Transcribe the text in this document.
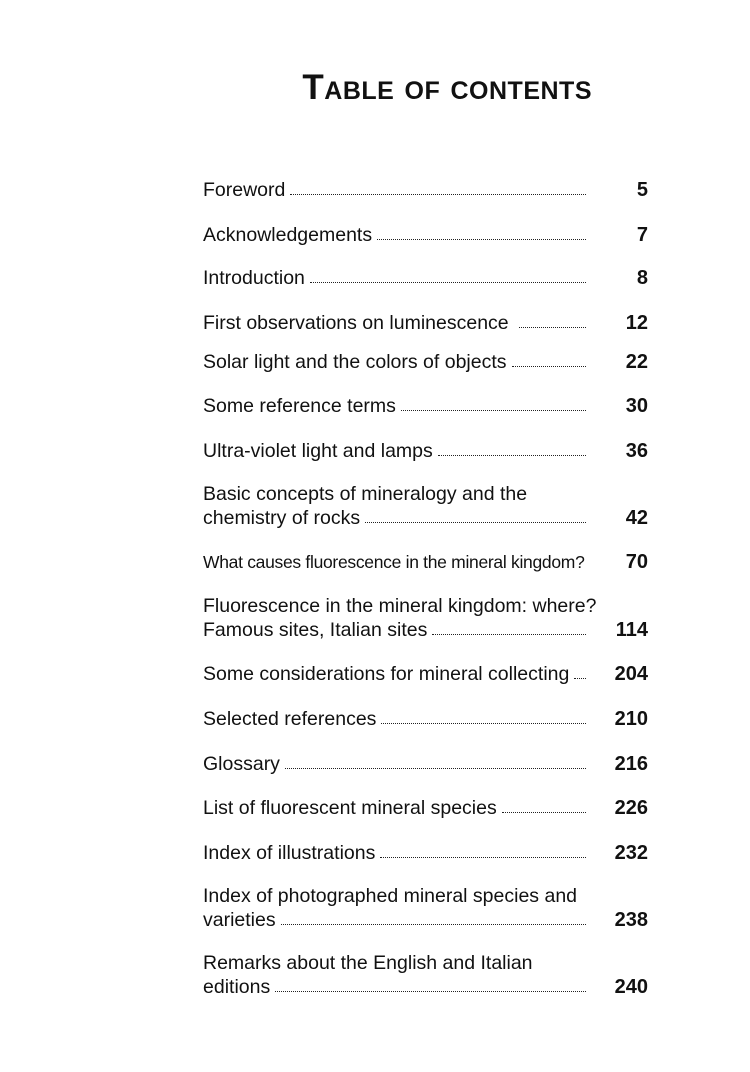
Table of contents
Foreword	5
Acknowledgements	7
Introduction	8
First observations on luminescence	12
Solar light and the colors of objects	22
Some reference terms	30
Ultra-violet light and lamps	36
Basic concepts of mineralogy and the
chemistry of rocks	42
What causes fluorescence in the mineral kingdom? 70
Fluorescence in the mineral kingdom: where?
Famous sites, Italian sites	114
Some considerations for mineral collecting 204
Selected references	210
Glossary	216
List of fluorescent mineral species	226
Index of illustrations	232
Index of photographed mineral species and
varieties	238
Remarks about the English and Italian
editions	240
